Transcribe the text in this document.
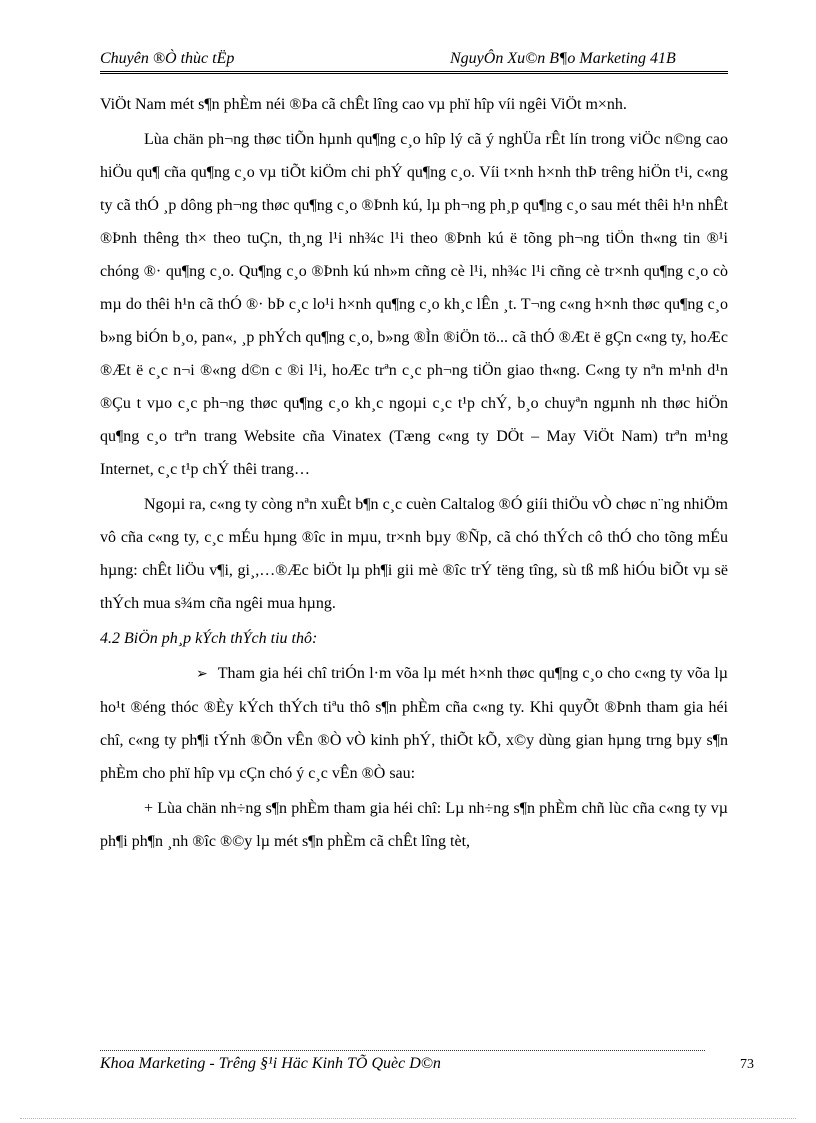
Chuyên ®Ò thùc tËp	NguyÔn Xu©n B¶o Marketing 41B

ViÖt Nam mét s¶n phÈm néi ®Þa cã chÊt lîng cao vµ phï hîp víi ngêi ViÖt m×nh.

Lùa chän ph¬ng thøc tiÕn hµnh qu¶ng c¸o hîp lý cã ý nghÜa rÊt lín trong viÖc n©ng cao hiÖu qu¶ cña qu¶ng c¸o vµ tiÕt kiÖm chi phÝ qu¶ng c¸o. Víi t×nh h×nh thÞ trêng hiÖn t¹i, c«ng ty cã thÓ ¸p dông ph¬ng thøc qu¶ng c¸o ®Þnh kú, lµ ph¬ng ph¸p qu¶ng c¸o sau mét thêi h¹n nhÊt ®Þnh thêng th× theo tuÇn, th¸ng l¹i nh¾c l¹i theo ®Þnh kú ë tõng ph¬ng tiÖn th«ng tin ®¹i chóng ®· qu¶ng c¸o. Qu¶ng c¸o ®Þnh kú nh»m cñng cè l¹i, nh¾c l¹i cñng cè tr×nh qu¶ng c¸o cò mµ do thêi h¹n cã thÓ ®· bÞ c¸c lo¹i h×nh qu¶ng c¸o kh¸c lÊn ¸t. T¬ng c«ng h×nh thøc qu¶ng c¸o b»ng biÓn b¸o, pan«, ¸p phÝch qu¶ng c¸o, b»ng ®Ìn ®iÖn tö... cã thÓ ®Æt ë gÇn c«ng ty, hoÆc ®Æt ë c¸c n¬i ®«ng d©n c ®i l¹i, hoÆc trªn c¸c ph¬ng tiÖn giao th«ng. C«ng ty nªn m¹nh d¹n ®Çu t vµo c¸c ph¬ng thøc qu¶ng c¸o kh¸c ngoµi c¸c t¹p chÝ, b¸o chuyªn ngµnh nh thøc hiÖn qu¶ng c¸o trªn trang Website cña Vinatex (Tæng c«ng ty DÖt – May ViÖt Nam) trªn m¹ng Internet, c¸c t¹p chÝ thêi trang…

Ngoµi ra, c«ng ty còng nªn xuÊt b¶n c¸c cuèn Caltalog ®Ó giíi thiÖu vÒ chøc n¨ng nhiÖm vô cña c«ng ty, c¸c mÉu hµng ®îc in mµu, tr×nh bµy ®Ñp, cã chó thÝch cô thÓ cho tõng mÉu hµng: chÊt liÖu v¶i, gi¸,…®Æc biÖt lµ ph¶i gii mè ®îc trÝ tëng tîng, sù tß mß hiÓu biÕt vµ së thÝch mua s¾m cña ngêi mua hµng.

4.2 BiÖn ph¸p kÝch thÝch tiu thô:

➢ Tham gia héi chî triÓn l·m võa lµ mét h×nh thøc qu¶ng c¸o cho c«ng ty võa lµ ho¹t ®éng thóc ®Èy kÝch thÝch tiªu thô s¶n phÈm cña c«ng ty. Khi quyÕt ®Þnh tham gia héi chî, c«ng ty ph¶i tÝnh ®Õn vÊn ®Ò vÒ kinh phÝ, thiÕt kÕ, x©y dùng gian hµng trng bµy s¶n phÈm cho phï hîp vµ cÇn chó ý c¸c vÊn ®Ò sau:

+ Lùa chän nh÷ng s¶n phÈm tham gia héi chî: Lµ nh÷ng s¶n phÈm chñ lùc cña c«ng ty vµ ph¶i ph¶n ¸nh ®îc ®©y lµ mét s¶n phÈm cã chÊt lîng tèt,

Khoa Marketing - Trêng §¹i Häc Kinh TÕ Quèc D©n	73
